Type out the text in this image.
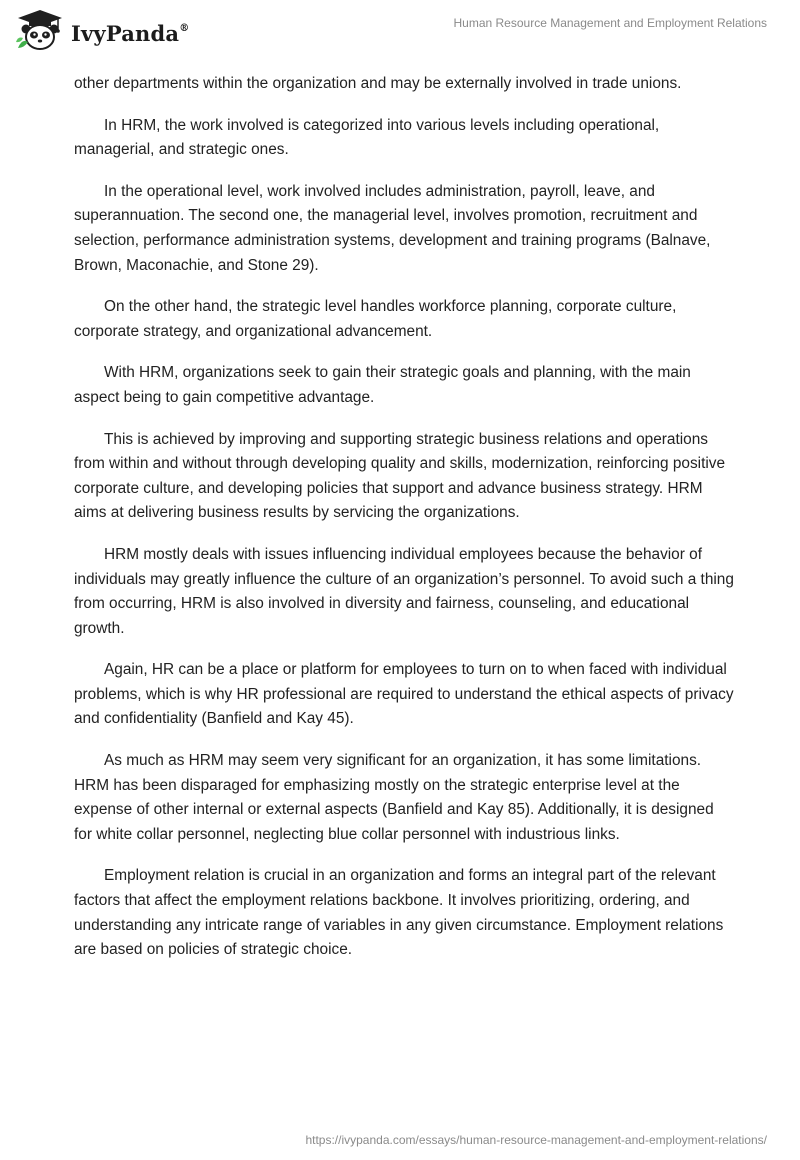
IvyPanda®	Human Resource Management and Employment Relations

other departments within the organization and may be externally involved in trade unions.

In HRM, the work involved is categorized into various levels including operational, managerial, and strategic ones.

In the operational level, work involved includes administration, payroll, leave, and superannuation. The second one, the managerial level, involves promotion, recruitment and selection, performance administration systems, development and training programs (Balnave, Brown, Maconachie, and Stone 29).

On the other hand, the strategic level handles workforce planning, corporate culture, corporate strategy, and organizational advancement.

With HRM, organizations seek to gain their strategic goals and planning, with the main aspect being to gain competitive advantage.

This is achieved by improving and supporting strategic business relations and operations from within and without through developing quality and skills, modernization, reinforcing positive corporate culture, and developing policies that support and advance business strategy. HRM aims at delivering business results by servicing the organizations.

HRM mostly deals with issues influencing individual employees because the behavior of individuals may greatly influence the culture of an organization’s personnel. To avoid such a thing from occurring, HRM is also involved in diversity and fairness, counseling, and educational growth.

Again, HR can be a place or platform for employees to turn on to when faced with individual problems, which is why HR professional are required to understand the ethical aspects of privacy and confidentiality (Banfield and Kay 45).

As much as HRM may seem very significant for an organization, it has some limitations. HRM has been disparaged for emphasizing mostly on the strategic enterprise level at the expense of other internal or external aspects (Banfield and Kay 85). Additionally, it is designed for white collar personnel, neglecting blue collar personnel with industrious links.

Employment relation is crucial in an organization and forms an integral part of the relevant factors that affect the employment relations backbone. It involves prioritizing, ordering, and understanding any intricate range of variables in any given circumstance. Employment relations are based on policies of strategic choice.

https://ivypanda.com/essays/human-resource-management-and-employment-relations/
